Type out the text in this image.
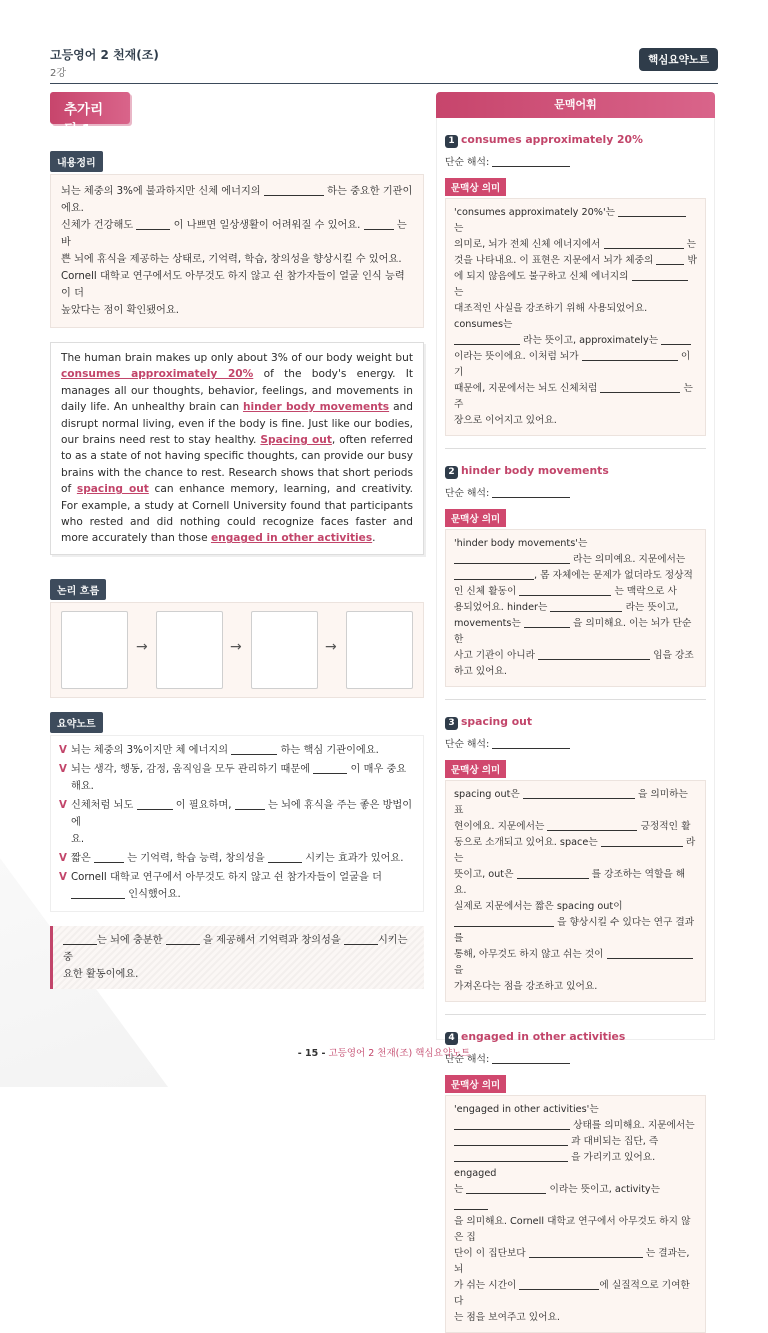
고등영어 2 천재(조)
2강
핵심요약노트
추가리딩 1
내용정리
뇌는 체중의 3%에 불과하지만 신체 에너지의	하는 중요한 기관이에요.
신체가 건강해도	이 나쁘면 일상생활이 어려워질 수 있어요.	는 바
쁜 뇌에 휴식을 제공하는 상태로, 기억력, 학습, 창의성을 향상시킬 수 있어요.
Cornell 대학교 연구에서도 아무것도 하지 않고 쉰 참가자들이 얼굴 인식 능력이 더
높았다는 점이 확인됐어요.
The human brain makes up only about 3% of our body weight but consumes approximately 20% of the body's energy. It manages all our thoughts, behavior, feelings, and movements in daily life. An unhealthy brain can hinder body movements and disrupt normal living, even if the body is fine. Just like our bodies, our brains need rest to stay healthy. Spacing out, often referred to as a state of not having specific thoughts, can provide our busy brains with the chance to rest. Research shows that short periods of spacing out can enhance memory, learning, and creativity. For example, a study at Cornell University found that participants who rested and did nothing could recognize faces faster and more accurately than those engaged in other activities.
논리 흐름
→	→	→
요약노트
V 뇌는 체중의 3%이지만 체 에너지의	하는 핵심 기관이에요.
V 뇌는 생각, 행동, 감정, 움직임을 모두 관리하기 때문에	이 매우 중요해요.
V 신체처럼 뇌도	이 필요하며,	는 뇌에 휴식을 주는 좋은 방법이에
요.
V 짧은	는 기억력, 학습 능력, 창의성을	시키는 효과가 있어요.
V Cornell 대학교 연구에서 아무것도 하지 않고 쉰 참가자들이 얼굴을 더
인식했어요.
는 뇌에 충분한	을 제공해서 기억력과 창의성을	시키는 중
요한 활동이에요.
문맥어휘
1 consumes approximately 20%
단순 해석:
문맥상 의미
'consumes approximately 20%'는  는
의미로, 뇌가 전체 신체 에너지에서	는
것을 나타내요. 이 표현은 지문에서 뇌가 체중의	밖
에 되지 않음에도 불구하고 신체 에너지의  는
대조적인 사실을 강조하기 위해 사용되었어요. consumes는
라는 뜻이고, approximately는
이라는 뜻이에요. 이처럼 뇌가	이기
때문에, 지문에서는 뇌도 신체처럼	는 주
장으로 이어지고 있어요.
2 hinder body movements
단순 해석:
문맥상 의미
'hinder body movements'는
라는 의미예요. 지문에서는
, 몸 자체에는 문제가 없더라도 정상적
인 신체 활동이	는 맥락으로 사
용되었어요. hinder는	라는 뜻이고,
movements는	을 의미해요. 이는 뇌가 단순한
사고 기관이 아니라	임을 강조
하고 있어요.
3 spacing out
단순 해석:
문맥상 의미
spacing out은	을 의미하는 표
현이에요. 지문에서는	긍정적인 활
동으로 소개되고 있어요. space는	라는
뜻이고, out은	를 강조하는 역할을 해요.
실제로 지문에서는 짧은 spacing out이
을 향상시킬 수 있다는 연구 결과를
통해, 아무것도 하지 않고 쉬는 것이  을
가져온다는 점을 강조하고 있어요.
4 engaged in other activities
단순 해석:
문맥상 의미
'engaged in other activities'는
상태를 의미해요. 지문에서는
과 대비되는 집단, 즉
을 가리키고 있어요. engaged
는	이라는 뜻이고, activity는
을 의미해요. Cornell 대학교 연구에서 아무것도 하지 않은 집
단이 이 집단보다	는 결과는, 뇌
가 쉬는 시간이	에 실질적으로 기여한다
는 점을 보여주고 있어요.
- 15 - 고등영어 2 천재(조) 핵심요약노트
